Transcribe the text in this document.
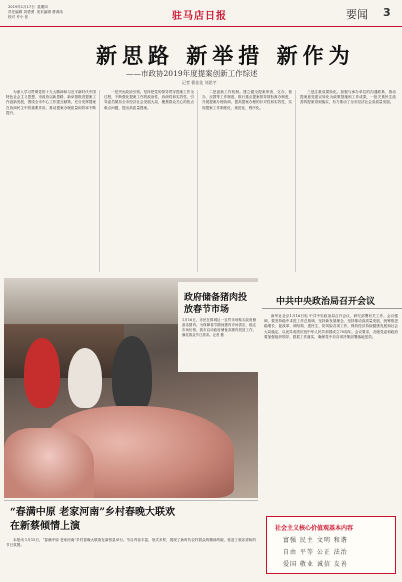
2019年1月17日  星期四
责任编辑 刘勇勇  美术编辑 曹鸿伟
校对 许小 张	驻马店日报	要闻 3
新思路 新举措 新作为
——市政协2019年度提案创新工作综述
记者 曹佳佳 刘思宇

为深入学习贯彻党的十九大精神和习近平新时代中国特色社会主义思想，市政协以新思路、新举措推进提案工作创新发展，围绕全市中心工作建言献策，充分发挥提案在协商民主中的重要作用，推动提案办理质量和效率不断提升。

一是突出政治引领。坚持把党的领导贯穿提案工作全过程，不断强化提案工作的政治性、协商性和实效性，引导委员紧扣全市经济社会发展大局，聚焦群众关心的热点难点问题，提出高质量提案。

二是创新工作机制。建立健全提案审查、交办、督办、反馈等工作制度，推行重点提案领导领衔督办制度，开展提案办理协商，提高提案办理的针对性和实效性，实现提案工作制度化、规范化、程序化。

三是注重成果转化。加强与承办单位的沟通联系，推动提案意见建议转化为政策措施和工作成果，一批关系民生改善的提案得到落实，有力推动了全市经济社会高质量发展。

政府储备猪肉投放春节市场
1月16日，市民在驿城区一农贸市场购买政府储备冻猪肉。为保障春节期间猪肉市场供应，稳定市场价格，我市启动政府储备冻猪肉投放工作，满足群众节日需求。记者 摄
中共中央政治局召开会议

新华社北京1月16日电 中共中央政治局召开会议，研究部署有关工作。会议强调，要坚持稳中求进工作总基调，坚持新发展理念，坚持推动高质量发展，统筹推进稳增长、促改革、调结构、惠民生、防风险各项工作，保持经济持续健康发展和社会大局稳定，以优异成绩庆祝中华人民共和国成立70周年。会议要求，各级党委和政府要加强组织领导，狠抓工作落实，确保党中央各项决策部署落地见效。

“春满中原 老家河南”乡村春晚大联欢
在新蔡倾情上演

本报讯 1月15日，“春满中原 老家河南”乡村春晚大联欢在新蔡县举行。节目内容丰富，形式多样，展现了新时代农村群众的精神风貌，营造了欢乐祥和的节日氛围。

社会主义核心价值观基本内容
富强 民主 文明 和谐
自由 平等 公正 法治
爱国 敬业 诚信 友善
